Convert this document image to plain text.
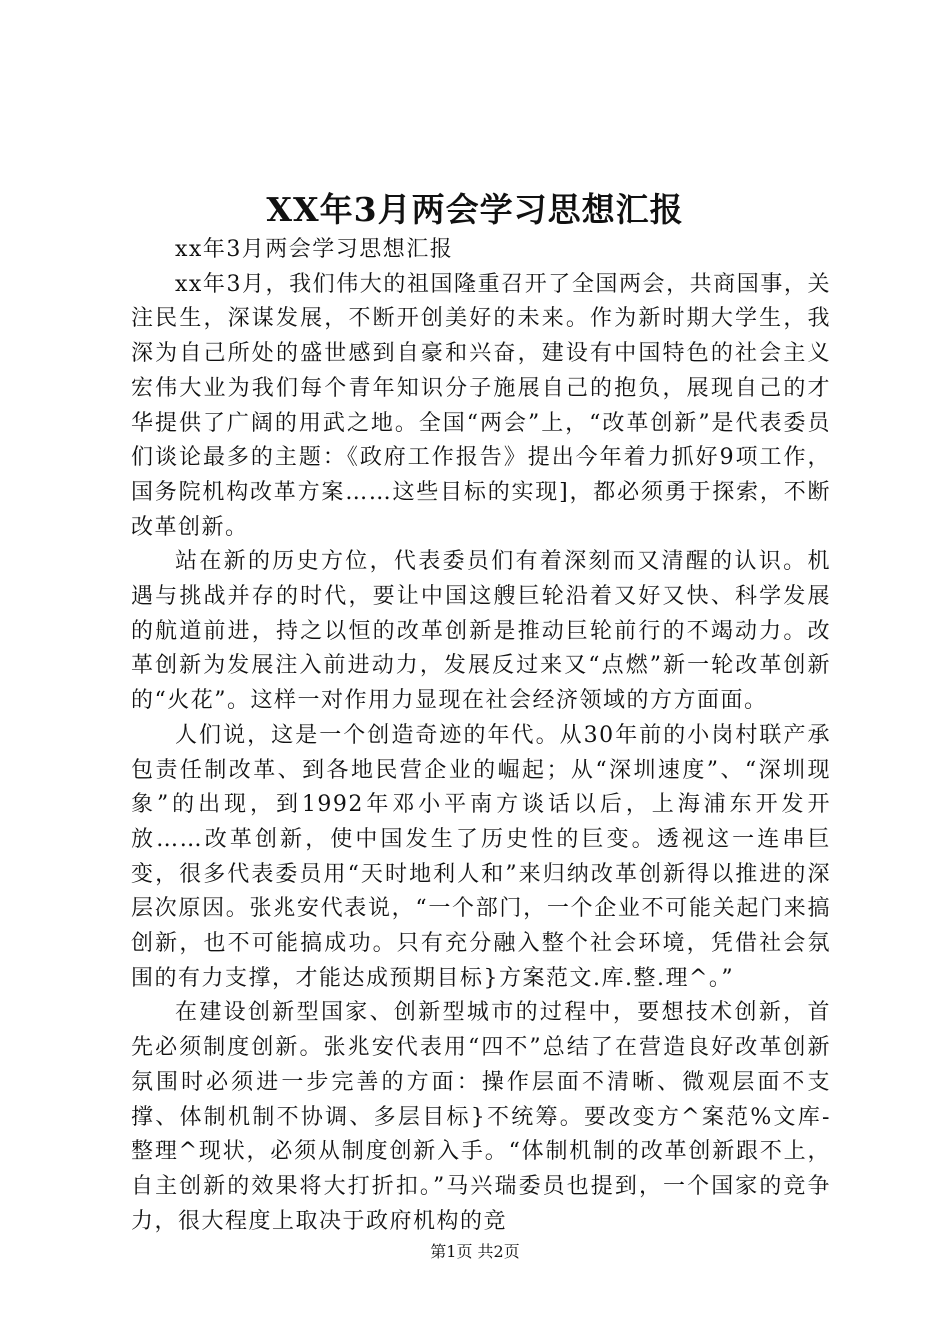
XX年3月两会学习思想汇报

xx年3月两会学习思想汇报

xx年3月，我们伟大的祖国隆重召开了全国两会，共商国事，关注民生，深谋发展，不断开创美好的未来。作为新时期大学生，我深为自己所处的盛世感到自豪和兴奋，建设有中国特色的社会主义宏伟大业为我们每个青年知识分子施展自己的抱负，展现自己的才华提供了广阔的用武之地。全国“两会”上，“改革创新”是代表委员们谈论最多的主题：《政府工作报告》提出今年着力抓好9项工作，国务院机构改革方案……这些目标的实现]，都必须勇于探索，不断改革创新。

站在新的历史方位，代表委员们有着深刻而又清醒的认识。机遇与挑战并存的时代，要让中国这艘巨轮沿着又好又快、科学发展的航道前进，持之以恒的改革创新是推动巨轮前行的不竭动力。改革创新为发展注入前进动力，发展反过来又“点燃”新一轮改革创新的“火花”。这样一对作用力显现在社会经济领域的方方面面。

人们说，这是一个创造奇迹的年代。从30年前的小岗村联产承包责任制改革、到各地民营企业的崛起；从“深圳速度”、“深圳现象”的出现，到1992年邓小平南方谈话以后，上海浦东开发开放……改革创新，使中国发生了历史性的巨变。透视这一连串巨变，很多代表委员用“天时地利人和”来归纳改革创新得以推进的深层次原因。张兆安代表说，“一个部门，一个企业不可能关起门来搞创新，也不可能搞成功。只有充分融入整个社会环境，凭借社会氛围的有力支撑，才能达成预期目标}方案范文.库.整.理^。”

在建设创新型国家、创新型城市的过程中，要想技术创新，首先必须制度创新。张兆安代表用“四不”总结了在营造良好改革创新氛围时必须进一步完善的方面：操作层面不清晰、微观层面不支撑、体制机制不协调、多层目标}不统筹。要改变方^案范%文库-整理^现状，必须从制度创新入手。“体制机制的改革创新跟不上，自主创新的效果将大打折扣。”马兴瑞委员也提到，一个国家的竞争力，很大程度上取决于政府机构的竞

第1页 共2页
